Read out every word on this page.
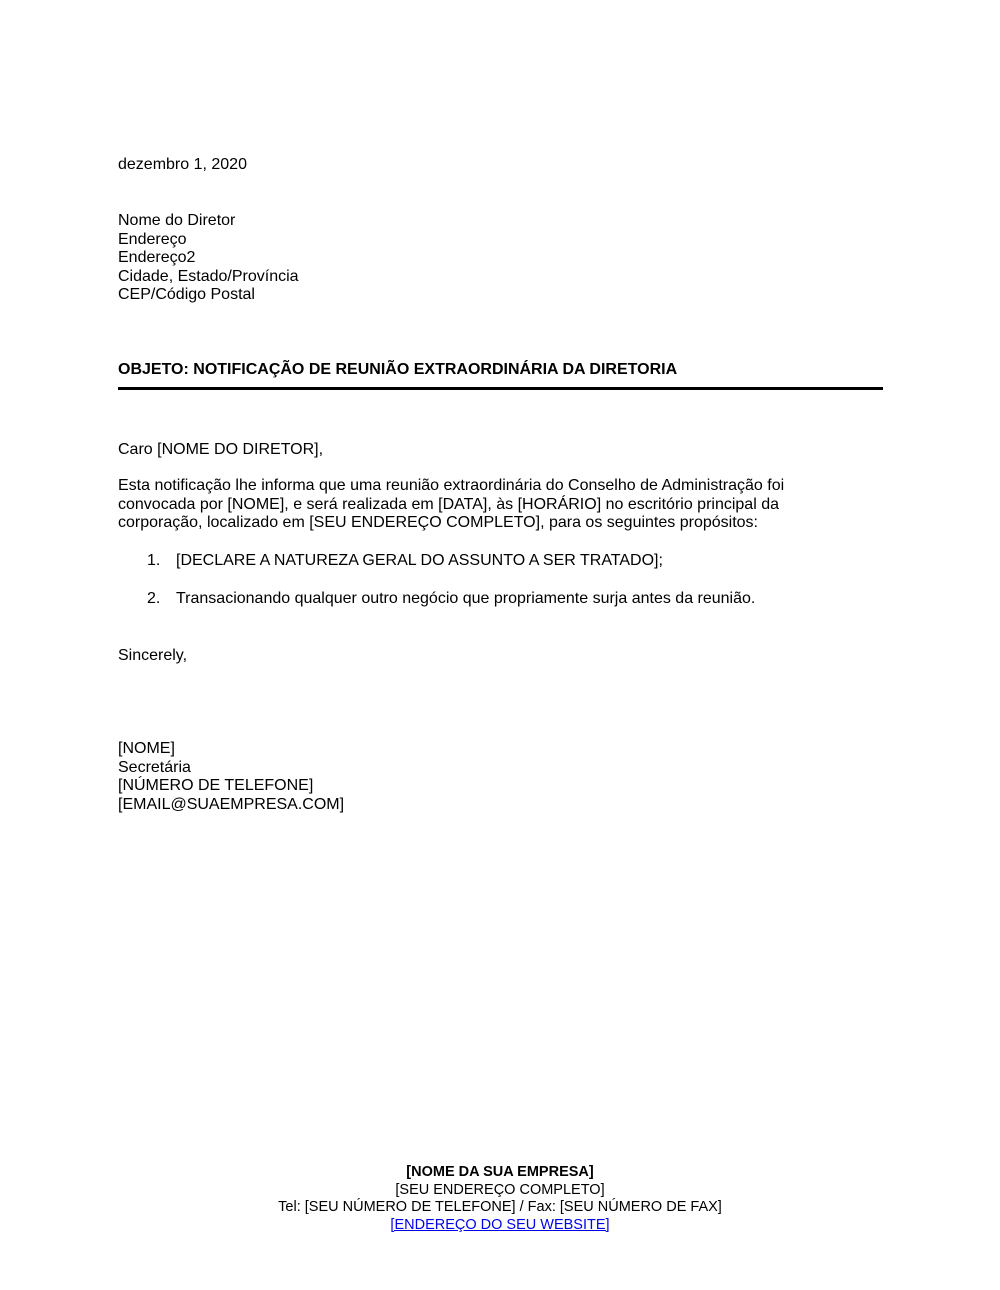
dezembro 1, 2020
Nome do Diretor
Endereço
Endereço2
Cidade, Estado/Província
CEP/Código Postal
OBJETO: NOTIFICAÇÃO DE REUNIÃO EXTRAORDINÁRIA DA DIRETORIA
Caro [NOME DO DIRETOR],
Esta notificação lhe informa que uma reunião extraordinária do Conselho de Administração foi
convocada por [NOME], e será realizada em [DATA], às [HORÁRIO] no escritório principal da
corporação, localizado em [SEU ENDEREÇO COMPLETO], para os seguintes propósitos:
1. [DECLARE A NATUREZA GERAL DO ASSUNTO A SER TRATADO];
2. Transacionando qualquer outro negócio que propriamente surja antes da reunião.
Sincerely,
[NOME]
Secretária
[NÚMERO DE TELEFONE]
[EMAIL@SUAEMPRESA.COM]
[NOME DA SUA EMPRESA]
[SEU ENDEREÇO COMPLETO]
Tel: [SEU NÚMERO DE TELEFONE] / Fax: [SEU NÚMERO DE FAX]
[ENDEREÇO DO SEU WEBSITE]
